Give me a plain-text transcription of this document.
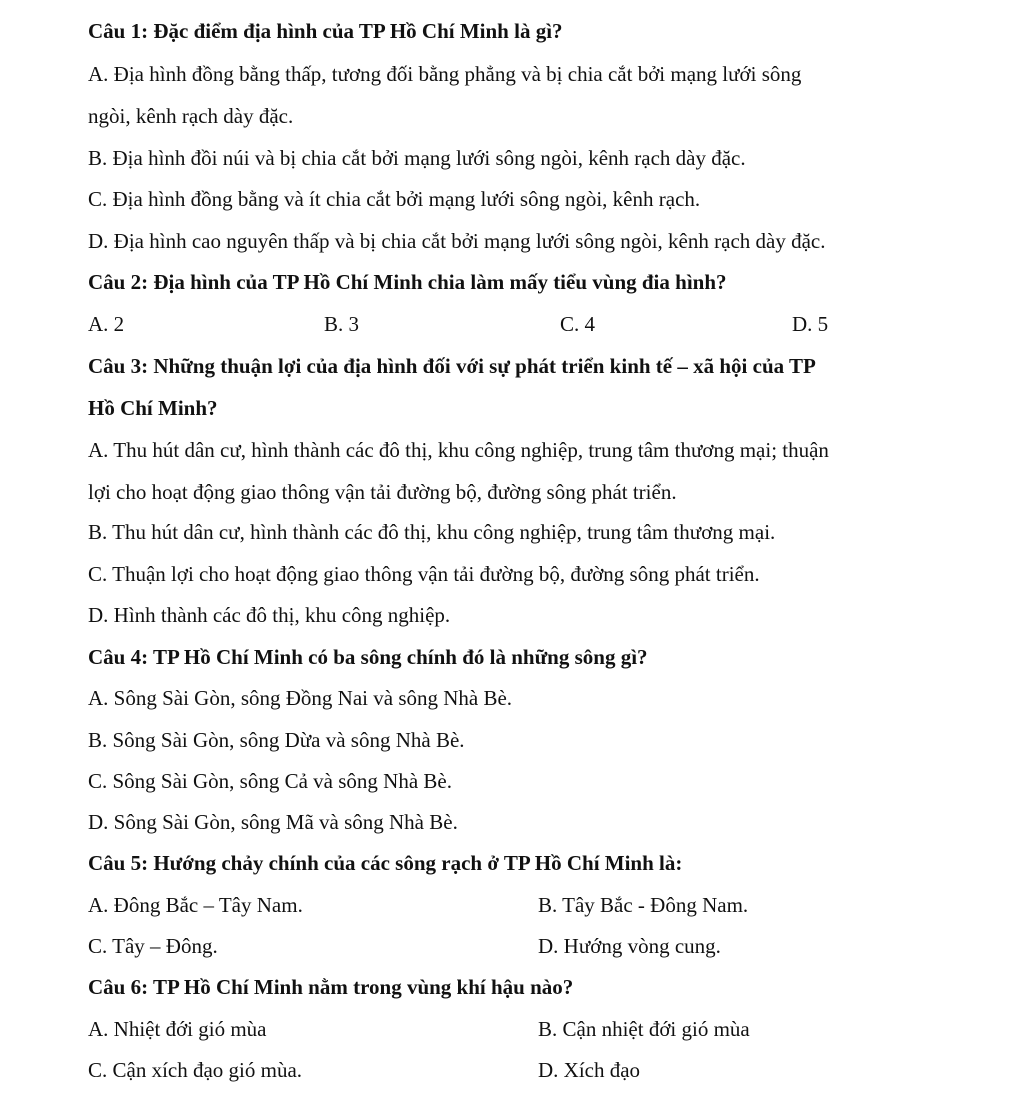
Câu 1: Đặc điểm địa hình của TP Hồ Chí Minh là gì?
A. Địa hình đồng bằng thấp, tương đối bằng phẳng và bị chia cắt bởi mạng lưới sông
ngòi, kênh rạch dày đặc.
B. Địa hình đồi núi và bị chia cắt bởi mạng lưới sông ngòi, kênh rạch dày đặc.
C. Địa hình đồng bằng và ít chia cắt bởi mạng lưới sông ngòi, kênh rạch.
D. Địa hình cao nguyên thấp và bị chia cắt bởi mạng lưới sông ngòi, kênh rạch dày đặc.
Câu 2: Địa hình của TP Hồ Chí Minh chia làm mấy tiểu vùng đia hình?
A. 2	B. 3	C. 4	D. 5
Câu 3: Những thuận lợi của địa hình đối với sự phát triển kinh tế – xã hội của TP
Hồ Chí Minh?
A. Thu hút dân cư, hình thành các đô thị, khu công nghiệp, trung tâm thương mại; thuận
lợi cho hoạt động giao thông vận tải đường bộ, đường sông phát triển.
B. Thu hút dân cư, hình thành các đô thị, khu công nghiệp, trung tâm thương mại.
C. Thuận lợi cho hoạt động giao thông vận tải đường bộ, đường sông phát triển.
D. Hình thành các đô thị, khu công nghiệp.
Câu 4: TP Hồ Chí Minh có ba sông chính đó là những sông gì?
A. Sông Sài Gòn, sông Đồng Nai và sông Nhà Bè.
B. Sông Sài Gòn, sông Dừa và sông Nhà Bè.
C. Sông Sài Gòn, sông Cả và sông Nhà Bè.
D. Sông Sài Gòn, sông Mã và sông Nhà Bè.
Câu 5: Hướng chảy chính của các sông rạch ở TP Hồ Chí Minh là:
A. Đông Bắc – Tây Nam.	B. Tây Bắc - Đông Nam.
C. Tây – Đông.	D. Hướng vòng cung.
Câu 6: TP Hồ Chí Minh nằm trong vùng khí hậu nào?
A. Nhiệt đới gió mùa	B. Cận nhiệt đới gió mùa
C. Cận xích đạo gió mùa.	D. Xích đạo
